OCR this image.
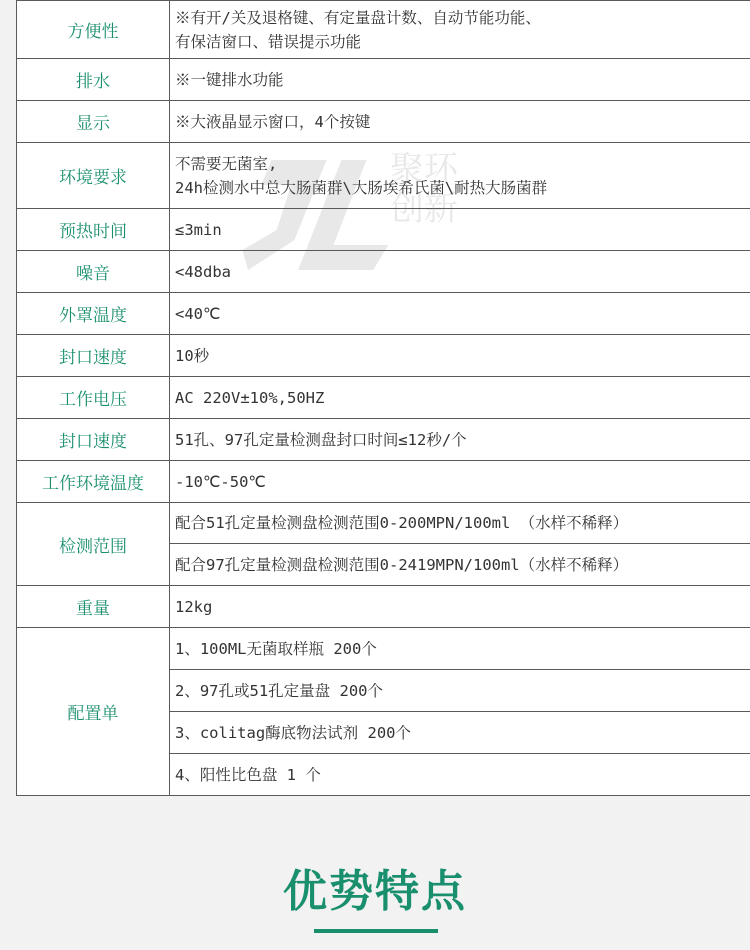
方便性	※有开/关及退格键、有定量盘计数、自动节能功能、
有保洁窗口、错误提示功能

排水	※一键排水功能
显示	※大液晶显示窗口，4个按键
环境要求	不需要无菌室,
24h检测水中总大肠菌群\大肠埃希氏菌\耐热大肠菌群

预热时间	≤3min
噪音	<48dba
外罩温度	<40℃
封口速度	10秒
工作电压	AC 220V±10%,50HZ
封口速度	51孔、97孔定量检测盘封口时间≤12秒/个
工作环境温度	-10℃-50℃
检测范围	配合51孔定量检测盘检测范围0-200MPN/100ml （水样不稀释）
	配合97孔定量检测盘检测范围0-2419MPN/100ml（水样不稀释）
重量	12kg
配置单	1、100ML无菌取样瓶 200个
	2、97孔或51孔定量盘 200个
	3、colitag酶底物法试剂 200个
	4、阳性比色盘 1 个
优势特点
